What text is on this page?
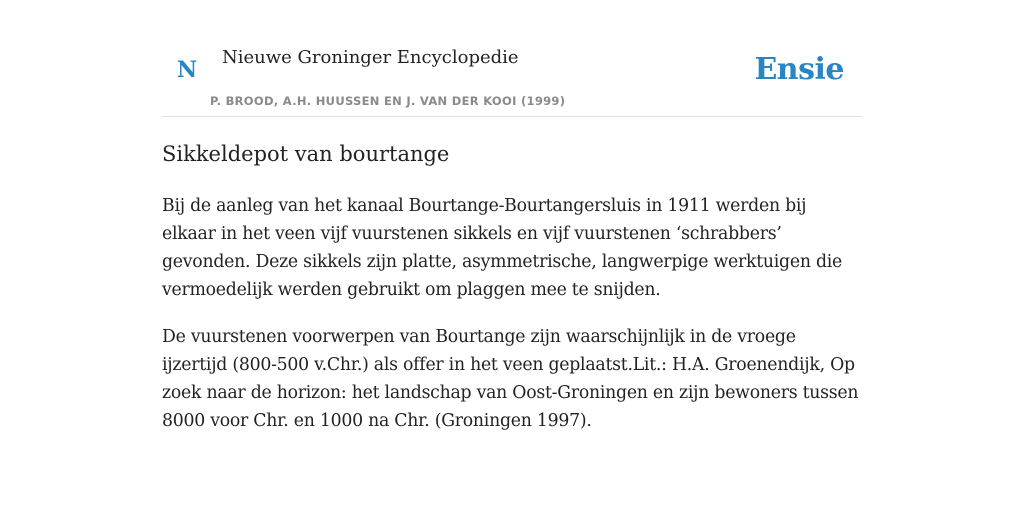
N Nieuwe Groninger Encyclopedie
P. BROOD, A.H. HUUSSEN EN J. VAN DER KOOI (1999)
Ensie
Sikkeldepot van bourtange

Bij de aanleg van het kanaal Bourtange-Bourtangersluis in 1911 werden bij elkaar in het veen vijf vuurstenen sikkels en vijf vuurstenen ‘schrabbers’ gevonden. Deze sikkels zijn platte, asymmetrische, langwerpige werktuigen die vermoedelijk werden gebruikt om plaggen mee te snijden.

De vuurstenen voorwerpen van Bourtange zijn waarschijnlijk in de vroege ijzertijd (800-500 v.Chr.) als offer in het veen geplaatst.Lit.: H.A. Groenendijk, Op zoek naar de horizon: het landschap van Oost-Groningen en zijn bewoners tussen 8000 voor Chr. en 1000 na Chr. (Groningen 1997).
